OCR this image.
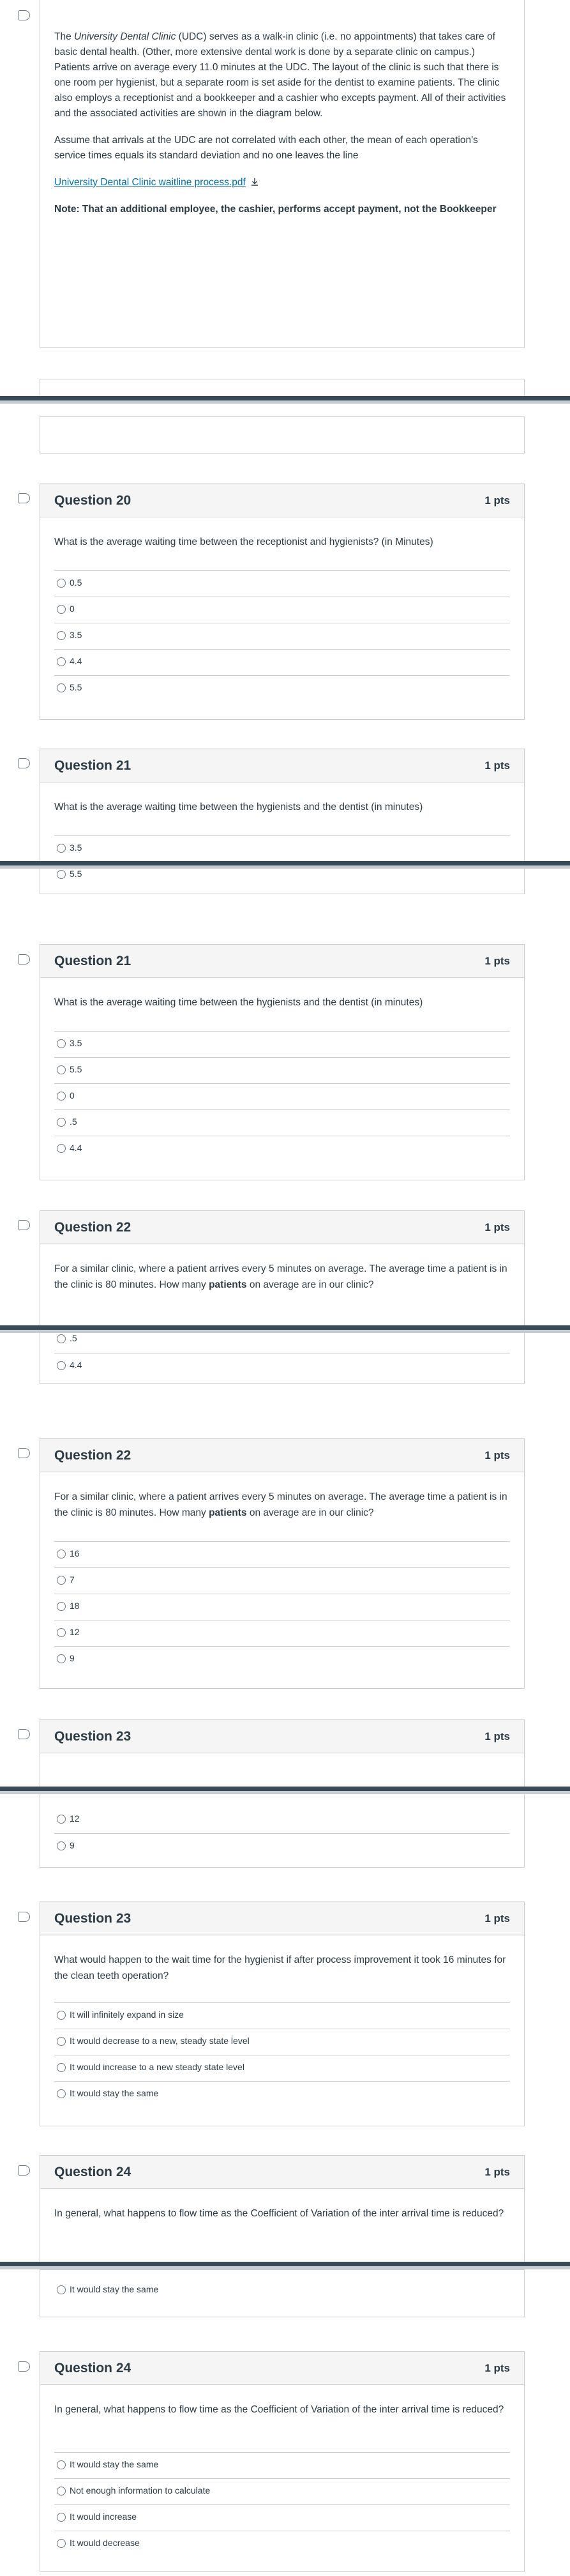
The University Dental Clinic (UDC) serves as a walk-in clinic (i.e. no appointments) that takes care of basic dental health. (Other, more extensive dental work is done by a separate clinic on campus.) Patients arrive on average every 11.0 minutes at the UDC. The layout of the clinic is such that there is one room per hygienist, but a separate room is set aside for the dentist to examine patients. The clinic also employs a receptionist and a bookkeeper and a cashier who excepts payment. All of their activities and the associated activities are shown in the diagram below.

Assume that arrivals at the UDC are not correlated with each other, the mean of each operation's service times equals its standard deviation and no one leaves the line

University Dental Clinic waitline process.pdf

Note: That an additional employee, the cashier, performs accept payment, not the Bookkeeper

Question 20	1 pts
What is the average waiting time between the receptionist and hygienists? (in Minutes)
0.5
0
3.5
4.4
5.5
Question 21	1 pts
What is the average waiting time between the hygienists and the dentist (in minutes)
3.5
5.5
Question 21	1 pts
What is the average waiting time between the hygienists and the dentist (in minutes)
3.5
5.5
0
.5
4.4
Question 22	1 pts
For a similar clinic, where a patient arrives every 5 minutes on average. The average time a patient is in the clinic is 80 minutes. How many patients on average are in our clinic?
.5
4.4
Question 22	1 pts
For a similar clinic, where a patient arrives every 5 minutes on average. The average time a patient is in the clinic is 80 minutes. How many patients on average are in our clinic?
16
7
18
12
9
Question 23	1 pts
12
9
Question 23	1 pts
What would happen to the wait time for the hygienist if after process improvement it took 16 minutes for the clean teeth operation?
It will infinitely expand in size
It would decrease to a new, steady state level
It would increase to a new steady state level
It would stay the same
Question 24	1 pts
In general, what happens to flow time as the Coefficient of Variation of the inter arrival time is reduced?
It would stay the same
Question 24	1 pts
In general, what happens to flow time as the Coefficient of Variation of the inter arrival time is reduced?
It would stay the same
Not enough information to calculate
It would increase
It would decrease
